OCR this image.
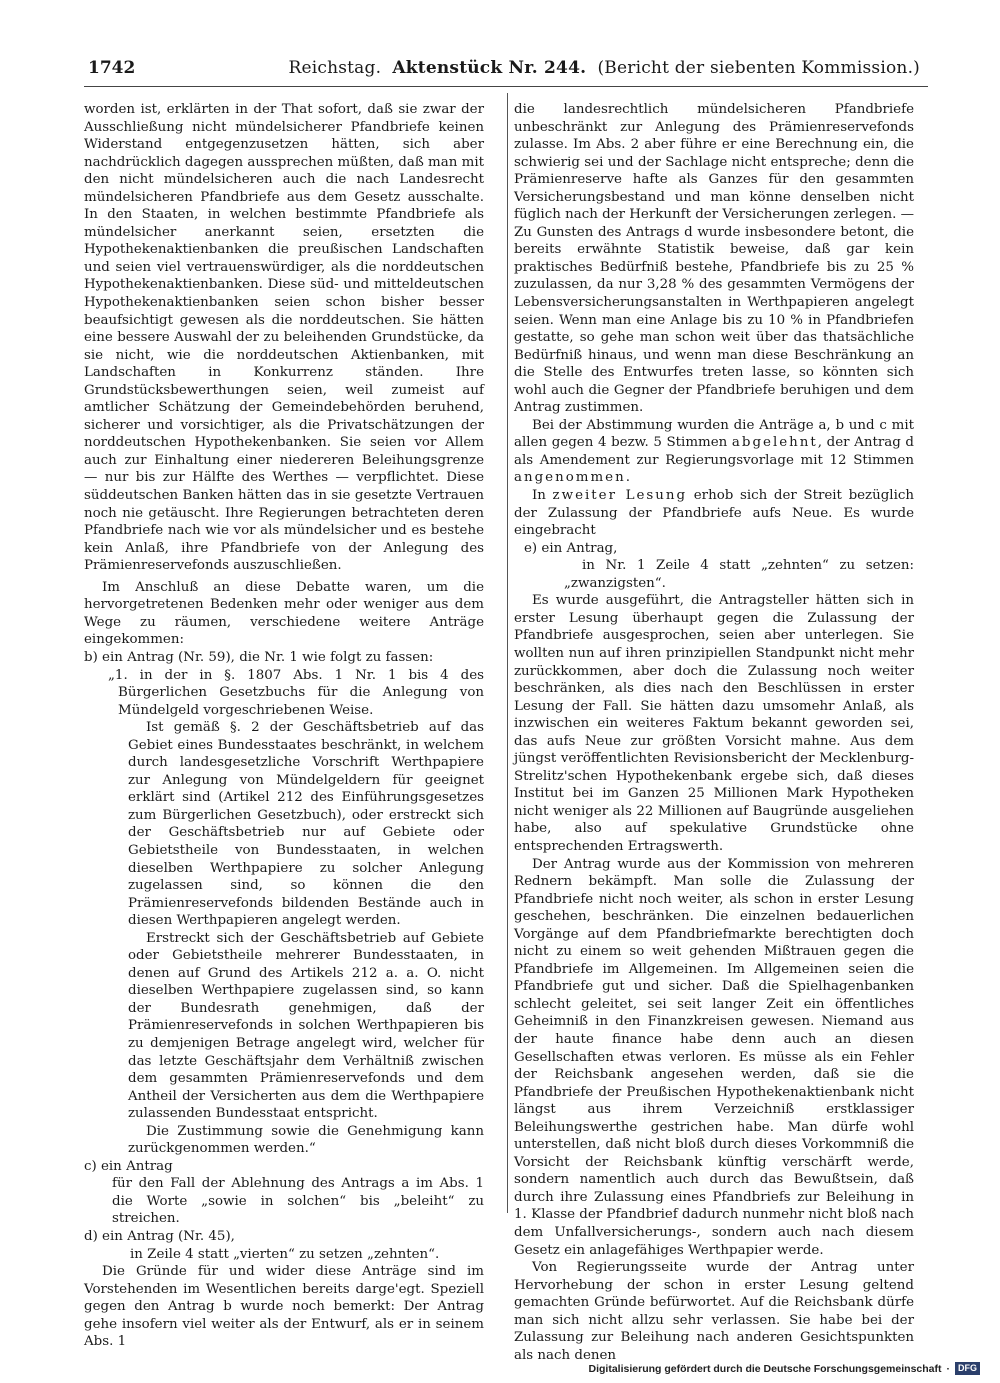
1742	Reichstag. Aktenstück Nr. 244. (Bericht der siebenten Kommission.)

worden ist, erklärten in der That sofort, daß sie zwar der Ausschließung nicht mündelsicherer Pfandbriefe keinen Widerstand entgegenzusetzen hätten, sich aber nachdrücklich dagegen aussprechen müßten, daß man mit den nicht mündelsicheren auch die nach Landesrecht mündelsicheren Pfandbriefe aus dem Gesetz ausschalte. In den Staaten, in welchen bestimmte Pfandbriefe als mündelsicher anerkannt seien, ersetzten die Hypothekenaktienbanken die preußischen Landschaften und seien viel vertrauenswürdiger, als die norddeutschen Hypothekenaktienbanken. Diese süd- und mitteldeutschen Hypothekenaktienbanken seien schon bisher besser beaufsichtigt gewesen als die norddeutschen. Sie hätten eine bessere Auswahl der zu beleihenden Grundstücke, da sie nicht, wie die norddeutschen Aktienbanken, mit Landschaften in Konkurrenz ständen. Ihre Grundstücksbewerthungen seien, weil zumeist auf amtlicher Schätzung der Gemeindebehörden beruhend, sicherer und vorsichtiger, als die Privatschätzungen der norddeutschen Hypothekenbanken. Sie seien vor Allem auch zur Einhaltung einer niedereren Beleihungsgrenze — nur bis zur Hälfte des Werthes — verpflichtet. Diese süddeutschen Banken hätten das in sie gesetzte Vertrauen noch nie getäuscht. Ihre Regierungen betrachteten deren Pfandbriefe nach wie vor als mündelsicher und es bestehe kein Anlaß, ihre Pfandbriefe von der Anlegung des Prämienreservefonds auszuschließen.

Im Anschluß an diese Debatte waren, um die hervorgetretenen Bedenken mehr oder weniger aus dem Wege zu räumen, verschiedene weitere Anträge eingekommen:

b) ein Antrag (Nr. 59), die Nr. 1 wie folgt zu fassen:

„1. in der in §. 1807 Abs. 1 Nr. 1 bis 4 des Bürgerlichen Gesetzbuchs für die Anlegung von Mündelgeld vorgeschriebenen Weise.

Ist gemäß §. 2 der Geschäftsbetrieb auf das Gebiet eines Bundesstaates beschränkt, in welchem durch landesgesetzliche Vorschrift Werthpapiere zur Anlegung von Mündelgeldern für geeignet erklärt sind (Artikel 212 des Einführungsgesetzes zum Bürgerlichen Gesetzbuch), oder erstreckt sich der Geschäftsbetrieb nur auf Gebiete oder Gebietstheile von Bundesstaaten, in welchen dieselben Werthpapiere zu solcher Anlegung zugelassen sind, so können die den Prämienreservefonds bildenden Bestände auch in diesen Werthpapieren angelegt werden.

Erstreckt sich der Geschäftsbetrieb auf Gebiete oder Gebietstheile mehrerer Bundesstaaten, in denen auf Grund des Artikels 212 a. a. O. nicht dieselben Werthpapiere zugelassen sind, so kann der Bundesrath genehmigen, daß der Prämienreservefonds in solchen Werthpapieren bis zu demjenigen Betrage angelegt wird, welcher für das letzte Geschäftsjahr dem Verhältniß zwischen dem gesammten Prämienreservefonds und dem Antheil der Versicherten aus dem die Werthpapiere zulassenden Bundesstaat entspricht.

Die Zustimmung sowie die Genehmigung kann zurückgenommen werden.“

c) ein Antrag

für den Fall der Ablehnung des Antrags a im Abs. 1 die Worte „sowie in solchen“ bis „beleiht“ zu streichen.

d) ein Antrag (Nr. 45),

in Zeile 4 statt „vierten“ zu setzen „zehnten“.

Die Gründe für und wider diese Anträge sind im Vorstehenden im Wesentlichen bereits darge'egt. Speziell gegen den Antrag b wurde noch bemerkt: Der Antrag gehe insofern viel weiter als der Entwurf, als er in seinem Abs. 1

die landesrechtlich mündelsicheren Pfandbriefe unbeschränkt zur Anlegung des Prämienreservefonds zulasse. Im Abs. 2 aber führe er eine Berechnung ein, die schwierig sei und der Sachlage nicht entspreche; denn die Prämienreserve hafte als Ganzes für den gesammten Versicherungsbestand und man könne denselben nicht füglich nach der Herkunft der Versicherungen zerlegen. — Zu Gunsten des Antrags d wurde insbesondere betont, die bereits erwähnte Statistik beweise, daß gar kein praktisches Bedürfniß bestehe, Pfandbriefe bis zu 25 % zuzulassen, da nur 3,28 % des gesammten Vermögens der Lebensversicherungsanstalten in Werthpapieren angelegt seien. Wenn man eine Anlage bis zu 10 % in Pfandbriefen gestatte, so gehe man schon weit über das thatsächliche Bedürfniß hinaus, und wenn man diese Beschränkung an die Stelle des Entwurfes treten lasse, so könnten sich wohl auch die Gegner der Pfandbriefe beruhigen und dem Antrag zustimmen.

Bei der Abstimmung wurden die Anträge a, b und c mit allen gegen 4 bezw. 5 Stimmen abgelehnt, der Antrag d als Amendement zur Regierungsvorlage mit 12 Stimmen angenommen.

In zweiter Lesung erhob sich der Streit bezüglich der Zulassung der Pfandbriefe aufs Neue. Es wurde eingebracht

e) ein Antrag,

in Nr. 1 Zeile 4 statt „zehnten“ zu setzen: „zwanzigsten“.

Es wurde ausgeführt, die Antragsteller hätten sich in erster Lesung überhaupt gegen die Zulassung der Pfandbriefe ausgesprochen, seien aber unterlegen. Sie wollten nun auf ihren prinzipiellen Standpunkt nicht mehr zurückkommen, aber doch die Zulassung noch weiter beschränken, als dies nach den Beschlüssen in erster Lesung der Fall. Sie hätten dazu umsomehr Anlaß, als inzwischen ein weiteres Faktum bekannt geworden sei, das aufs Neue zur größten Vorsicht mahne. Aus dem jüngst veröffentlichten Revisionsbericht der Mecklenburg-Strelitz'schen Hypothekenbank ergebe sich, daß dieses Institut bei im Ganzen 25 Millionen Mark Hypotheken nicht weniger als 22 Millionen auf Baugründe ausgeliehen habe, also auf spekulative Grundstücke ohne entsprechenden Ertragswerth.

Der Antrag wurde aus der Kommission von mehreren Rednern bekämpft. Man solle die Zulassung der Pfandbriefe nicht noch weiter, als schon in erster Lesung geschehen, beschränken. Die einzelnen bedauerlichen Vorgänge auf dem Pfandbriefmarkte berechtigten doch nicht zu einem so weit gehenden Mißtrauen gegen die Pfandbriefe im Allgemeinen. Im Allgemeinen seien die Pfandbriefe gut und sicher. Daß die Spielhagenbanken schlecht geleitet, sei seit langer Zeit ein öffentliches Geheimniß in den Finanzkreisen gewesen. Niemand aus der haute finance habe denn auch an diesen Gesellschaften etwas verloren. Es müsse als ein Fehler der Reichsbank angesehen werden, daß sie die Pfandbriefe der Preußischen Hypothekenaktienbank nicht längst aus ihrem Verzeichniß erstklassiger Beleihungswerthe gestrichen habe. Man dürfe wohl unterstellen, daß nicht bloß durch dieses Vorkommniß die Vorsicht der Reichsbank künftig verschärft werde, sondern namentlich auch durch das Bewußtsein, daß durch ihre Zulassung eines Pfandbriefs zur Beleihung in 1. Klasse der Pfandbrief dadurch nunmehr nicht bloß nach dem Unfallversicherungs-, sondern auch nach diesem Gesetz ein anlagefähiges Werthpapier werde.

Von Regierungsseite wurde der Antrag unter Hervorhebung der schon in erster Lesung geltend gemachten Gründe befürwortet. Auf die Reichsbank dürfe man sich nicht allzu sehr verlassen. Sie habe bei der Zulassung zur Beleihung nach anderen Gesichtspunkten als nach denen

Digitalisierung gefördert durch die Deutsche Forschungsgemeinschaft · DFG
